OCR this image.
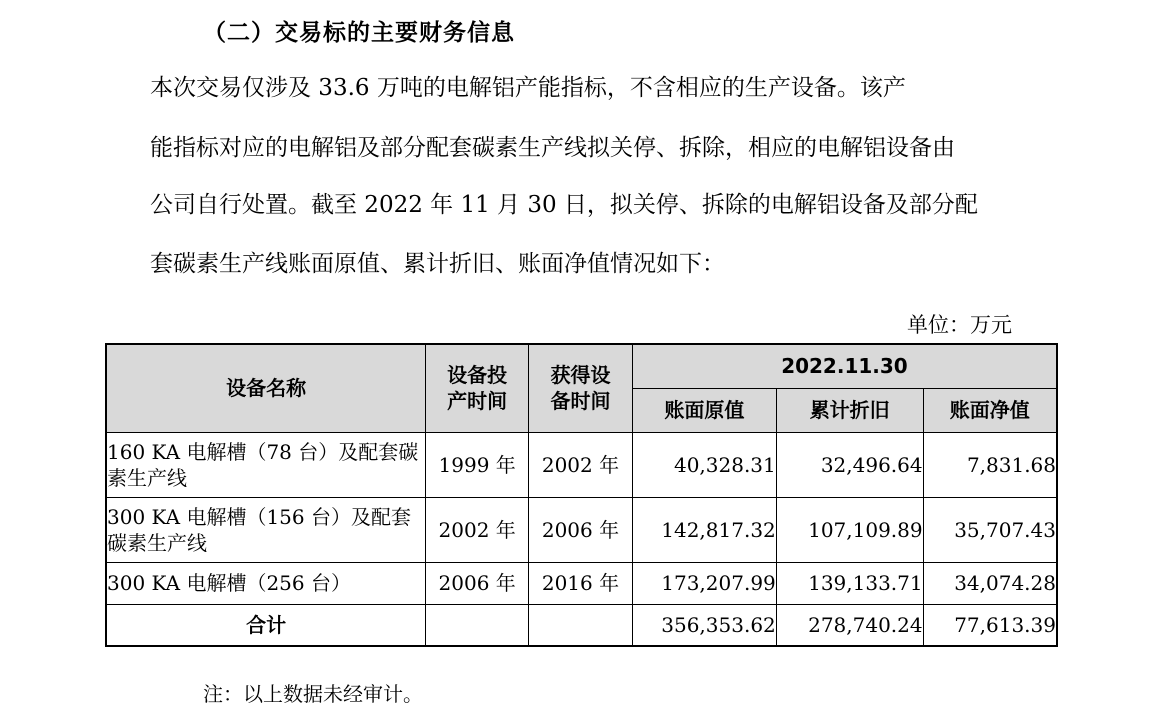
（二）交易标的主要财务信息
本次交易仅涉及 33.6 万吨的电解铝产能指标，不含相应的生产设备。该产
能指标对应的电解铝及部分配套碳素生产线拟关停、拆除，相应的电解铝设备由
公司自行处置。截至 2022 年 11 月 30 日，拟关停、拆除的电解铝设备及部分配
套碳素生产线账面原值、累计折旧、账面净值情况如下：
单位：万元
设备名称	设备投产时间	获得设备时间	2022.11.30		
			账面原值	累计折旧	账面净值
160 KA 电解槽（78 台）及配套碳素生产线	1999 年	2002 年	40,328.31	32,496.64	7,831.68
300 KA 电解槽（156 台）及配套碳素生产线	2002 年	2006 年	142,817.32	107,109.89	35,707.43
300 KA 电解槽（256 台）	2006 年	2016 年	173,207.99	139,133.71	34,074.28
合计			356,353.62	278,740.24	77,613.39
注：以上数据未经审计。
